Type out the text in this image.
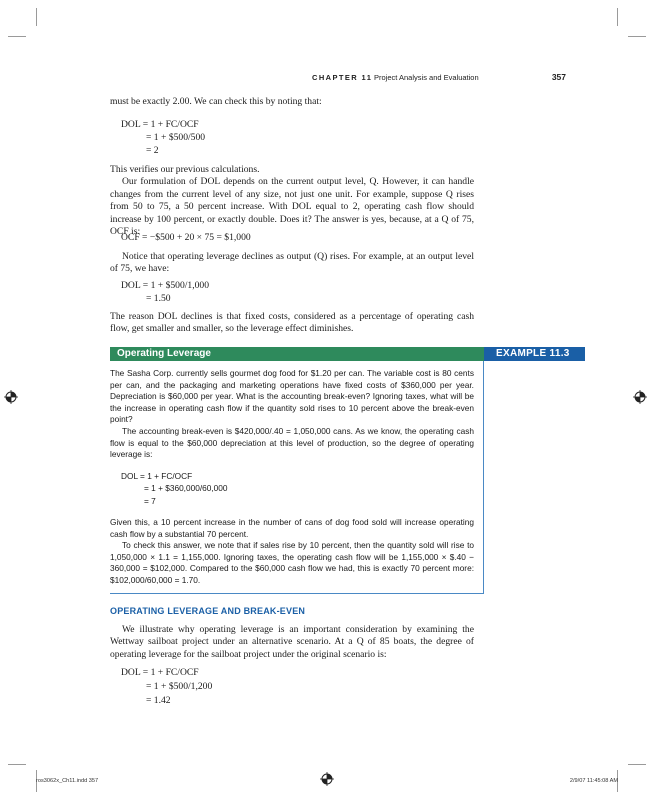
CHAPTER 11 Project Analysis and Evaluation	357

must be exactly 2.00. We can check this by noting that:

DOL = 1 + FC/OCF
= 1 + $500/500
= 2

This verifies our previous calculations.

Our formulation of DOL depends on the current output level, Q. However, it can handle changes from the current level of any size, not just one unit. For example, suppose Q rises from 50 to 75, a 50 percent increase. With DOL equal to 2, operating cash flow should increase by 100 percent, or exactly double. Does it? The answer is yes, because, at a Q of 75, OCF is:

OCF = −$500 + 20 × 75 = $1,000

Notice that operating leverage declines as output (Q) rises. For example, at an output level of 75, we have:

DOL = 1 + $500/1,000
= 1.50

The reason DOL declines is that fixed costs, considered as a percentage of operating cash flow, get smaller and smaller, so the leverage effect diminishes.

Operating Leverage	EXAMPLE 11.3

The Sasha Corp. currently sells gourmet dog food for $1.20 per can. The variable cost is 80 cents per can, and the packaging and marketing operations have fixed costs of $360,000 per year. Depreciation is $60,000 per year. What is the accounting break-even? Ignoring taxes, what will be the increase in operating cash flow if the quantity sold rises to 10 percent above the break-even point?

The accounting break-even is $420,000/.40 = 1,050,000 cans. As we know, the operating cash flow is equal to the $60,000 depreciation at this level of production, so the degree of operating leverage is:

DOL = 1 + FC/OCF
= 1 + $360,000/60,000
= 7

Given this, a 10 percent increase in the number of cans of dog food sold will increase operating cash flow by a substantial 70 percent.

To check this answer, we note that if sales rise by 10 percent, then the quantity sold will rise to 1,050,000 × 1.1 = 1,155,000. Ignoring taxes, the operating cash flow will be 1,155,000 × $.40 − 360,000 = $102,000. Compared to the $60,000 cash flow we had, this is exactly 70 percent more: $102,000/60,000 = 1.70.

OPERATING LEVERAGE AND BREAK-EVEN

We illustrate why operating leverage is an important consideration by examining the Wettway sailboat project under an alternative scenario. At a Q of 85 boats, the degree of operating leverage for the sailboat project under the original scenario is:

DOL = 1 + FC/OCF
= 1 + $500/1,200
= 1.42
ros3062x_Ch11.indd 357	2/9/07 11:45:08 AM
